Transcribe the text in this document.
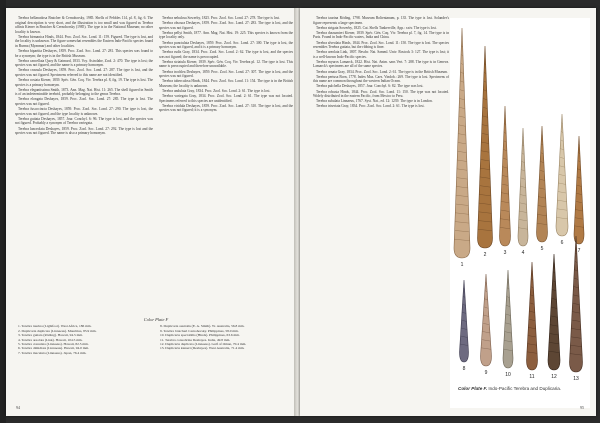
Terebra bellanodosa Bratcher & Cernohorsky, 1985. Shells of Pebbles 114, pl. 8, fig. 6. The original description is very short, and the illustration is too small and was figured as Terebra affinis Kiener in Bratcher & Cernohorsky (1985). The type is in the National Museum; no other locality is known.

Terebra birmanica Hinds, 1844. Proc. Zool. Soc. Lond. 11: 159. Figured. The type is lost, and the locality is unknown. The figure somewhat resembles the Eastern Indo-Pacific species found in Burma (Myanmar) and other localities.

Terebra bipartita Deshayes, 1859. Proc. Zool. Soc. Lond. 27: 281. This species was found to be a synonym; the type is in the British Museum.

Terebra cancellata Quoy & Gaimard, 1833. Voy. Astrolabe, Zool. 2: 470. The type is lost; the species was not figured, and the name is a primary homonym.

Terebra crassula Deshayes, 1859. Proc. Zool. Soc. Lond. 27: 287. The type is lost, and the species was not figured. Specimens referred to this name are not identified.

Terebra costata Kiener, 1839. Spéc. Gén. Coq. Viv. Terebra pl. 8, fig. 19. The type is lost. The species is a primary homonym.

Terebra elegantissima Smith, 1873. Ann. Mag. Nat. Hist. 11: 265. The shell figured in Smith is of an indeterminable terebrid, probably belonging to the genus Terebra.

Terebra elongata Deshayes, 1859. Proc. Zool. Soc. Lond. 27: 285. The type is lost. The species was not figured.

Terebra fuscocincta Deshayes, 1859. Proc. Zool. Soc. Lond. 27: 290. The type is lost, the species was not figured, and the type locality is unknown.

Terebra guttata Deshayes, 1857. Jour. Conchyl. 6: 96. The type is lost, and the species was not figured. Probably a synonym of Terebra variegata.

Terebra lanceolata Deshayes, 1859. Proc. Zool. Soc. Lond. 27: 292. The type is lost and the species was not figured. The name is also a primary homonym.

Terebra nebulosa Sowerby, 1825. Proc. Zool. Soc. Lond. 27: 278. The type is lost.

Terebra obscura Deshayes, 1859. Proc. Zool. Soc. Lond. 27: 283. The type is lost, and the species was not figured.

Terebra pellyi Smith, 1877. Ann. Mag. Nat. Hist. 19: 225. This species is known from the type locality only.

Terebra punctulata Deshayes, 1859. Proc. Zool. Soc. Lond. 27: 300. The type is lost, the species was not figured, and it is a primary homonym.

Terebra rudis Gray, 1834. Proc. Zool. Soc. Lond. 2: 62. The type is lost, and the species was not figured; the name is preoccupied.

Terebra striatula Kiener, 1839. Spéc. Gén. Coq. Viv. Terebra pl. 12. The type is lost. This name is preoccupied and therefore unavailable.

Terebra trochlea Deshayes, 1859. Proc. Zool. Soc. Lond. 27: 307. The type is lost, and the species was not figured.

Terebra tuberculosa Hinds, 1844. Proc. Zool. Soc. Lond. 11: 154. The type is in the British Museum; the locality is unknown.

Terebra undulata Gray, 1834. Proc. Zool. Soc. Lond. 2: 61. The type is lost.

Terebra variegata Gray, 1834. Proc. Zool. Soc. Lond. 2: 61. The type was not located. Specimens referred to this species are unidentified.

Terebra viridula Deshayes, 1859. Proc. Zool. Soc. Lond. 27: 310. The type is lost, and the species was not figured; it is a synonym.

Color Plate F
1. Terebra taurina (Lightfoot). West Africa, 186 mm.
2. Duplicaria duplicata (Linnaeus). Mauritius, 85.9 mm.
3. Terebra guttata (Röding). Hawaii, 94.5 mm.
4. Terebra areolata (Link). Hawaii, 104.5 mm.
5. Terebra crenulata (Linnaeus). Hawaii, 82.5 mm.
6. Terebra dimidiata (Linnaeus). Hawaii, 94.0 mm.
7. Terebra maculata (Linnaeus). Japan, 76.4 mm.
8. Duplicaria australis (E. A. Smith). W. Australia, 56.8 mm.
9. Terebra bratcheri Cernohorsky. Philippines, 58.0 mm.
10. Duplicaria spectabilis (Hinds). Philippines, 63.6 mm.
11. Terebra consobrina Deshayes. India, 49.8 mm.
12. Duplicaria duplicata (Linnaeus). Gulf of Oman, 70.4 mm.
13. Duplicaria kieneri (Deshayes). West Australia, 71.4 mm.
94

Terebra taurina Röding, 1798. Museum Boltenianum, p. 135. The type is lost. Solander's figure represents a large specimen.

Terebra strigata Sowerby, 1825. Cat. Shells Tankerville, App.: xxiv. The type is lost.

Terebra dussumieri Kiener, 1839. Spéc. Gén. Coq. Viv. Terebra pl. 7, fig. 14. The type is in Paris. Found in Indo-Pacific waters, India and China.

Terebra alveolata Hinds, 1844. Proc. Zool. Soc. Lond. 11: 150. The type is lost. The species resembles Terebra guttata, but the ribbing is finer.

Terebra areolata Link, 1807. Beschr. Nat. Samml. Univ. Rostock 3: 127. The type is lost; it is a well-known Indo-Pacific species.

Terebra myuros Lamarck, 1822. Hist. Nat. Anim. sans Vert. 7: 288. The type is in Geneva. Lamarck's specimens are all of the same species.

Terebra ornata Gray, 1834. Proc. Zool. Soc. Lond. 2: 61. The type is in the British Museum.

Terebra pertusa Born, 1778. Index Mus. Caes. Vindob.: 269. The type is lost. Specimens of this name are common throughout the western Indian Ocean.

Terebra pulchella Deshayes, 1857. Jour. Conchyl. 6: 82. The type was lost.

Terebra robusta Hinds, 1844. Proc. Zool. Soc. Lond. 11: 150. The type was not located. Widely distributed in the eastern Pacific, from Mexico to Peru.

Terebra subulata Linnaeus, 1767. Syst. Nat., ed. 12: 1239. The type is in London.

Terebra triseriata Gray, 1834. Proc. Zool. Soc. Lond. 2: 61. The type is lost.

1
2	3	4
5
6
7
8
9	10	11	12	13
Color Plate F. Indo-Pacific Terebra and Duplicaria.
95
